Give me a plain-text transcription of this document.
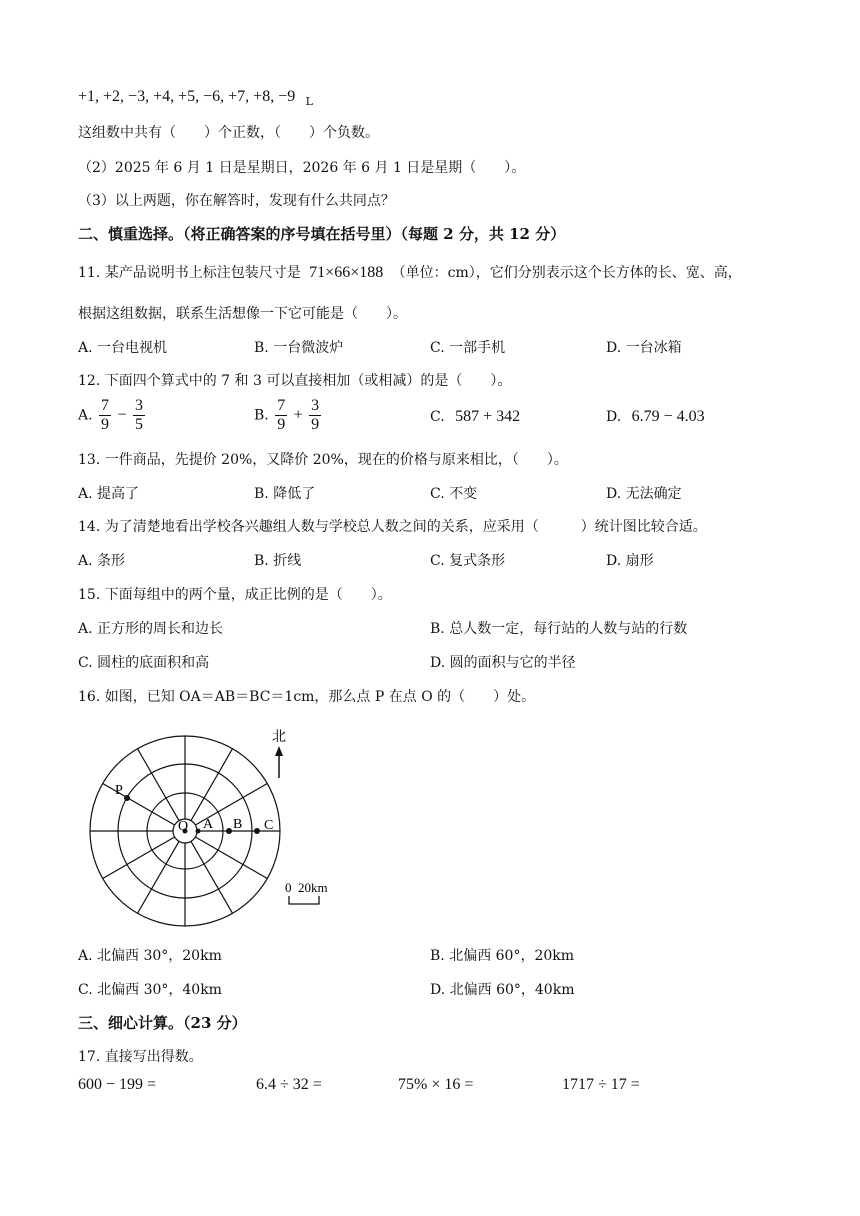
+1, +2, −3, +4, +5, −6, +7, +8, −9 $_L$
这组数中共有（　　）个正数，（　　）个负数。
（2）2025 年 6 月 1 日是星期日，2026 年 6 月 1 日是星期（　　）。
（3）以上两题，你在解答时，发现有什么共同点？
二、慎重选择。（将正确答案的序号填在括号里）（每题 2 分，共 12 分）
11. 某产品说明书上标注包装尺寸是 71×66×188 （单位：cm），它们分别表示这个长方体的长、宽、高，
根据这组数据，联系生活想像一下它可能是（　　）。
A. 一台电视机	B. 一台微波炉	C. 一部手机	D. 一台冰箱
12. 下面四个算式中的 7 和 3 可以直接相加（或相减）的是（　　）。
A. $\frac{7}{9} - \frac{3}{5}$	B. $\frac{7}{9} + \frac{3}{9}$	C. 587 + 342	D. 6.79 − 4.03
13. 一件商品，先提价 20%，又降价 20%，现在的价格与原来相比，（　　）。
A. 提高了	B. 降低了	C. 不变	D. 无法确定
14. 为了清楚地看出学校各兴趣组人数与学校总人数之间的关系，应采用（　　　）统计图比较合适。
A. 条形	B. 折线	C. 复式条形	D. 扇形
15. 下面每组中的两个量，成正比例的是（　　）。
A. 正方形的周长和边长	B. 总人数一定，每行站的人数与站的行数
C. 圆柱的底面积和高	D. 圆的面积与它的半径
16. 如图，已知 OA＝AB＝BC＝1cm，那么点 P 在点 O 的（　　）处。
O A B C
P
北
0 20km
A. 北偏西 30°，20km	B. 北偏西 60°，20km
C. 北偏西 30°，40km	D. 北偏西 60°，40km
三、细心计算。（23 分）
17. 直接写出得数。
600 − 199 =	6.4 ÷ 32 =	75% × 16 =	1717 ÷ 17 =
